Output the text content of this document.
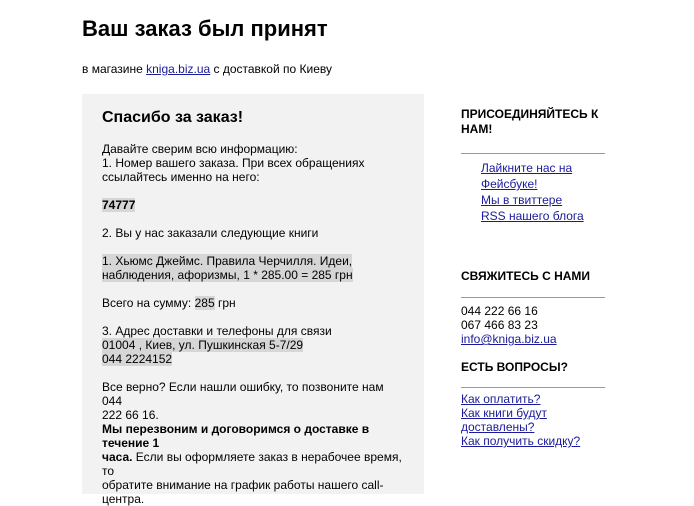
Ваш заказ был принят
в магазине kniga.biz.ua с доставкой по Киеву
Спасибо за заказ!

Давайте сверим всю информацию:

1. Номер вашего заказа. При всех обращениях

ссылайтесь именно на него:

74777

2. Вы у нас заказали следующие книги

1. Хьюмс Джеймс. Правила Черчилля. Идеи,

наблюдения, афоризмы, 1 * 285.00 = 285 грн

Всего на сумму: 285 грн

3. Адрес доставки и телефоны для связи

01004 , Киев, ул. Пушкинская 5-7/29

044 2224152

Все верно? Если нашли ошибку, то позвоните нам 044

222 66 16.

Мы перезвоним и договоримся о доставке в течение 1

часа. Если вы оформляете заказ в нерабочее время, то

обратите внимание на график работы нашего call-

центра.

ПРИСОЕДИНЯЙТЕСЬ К

НАМ!

Лайкните нас на
Фейсбуке!
Мы в твиттере
RSS нашего блога

СВЯЖИТЕСЬ С НАМИ

044 222 66 16
067 466 83 23
info@kniga.biz.ua

ЕСТЬ ВОПРОСЫ?

Как оплатить?
Как книги будут
доставлены?
Как получить скидку?
